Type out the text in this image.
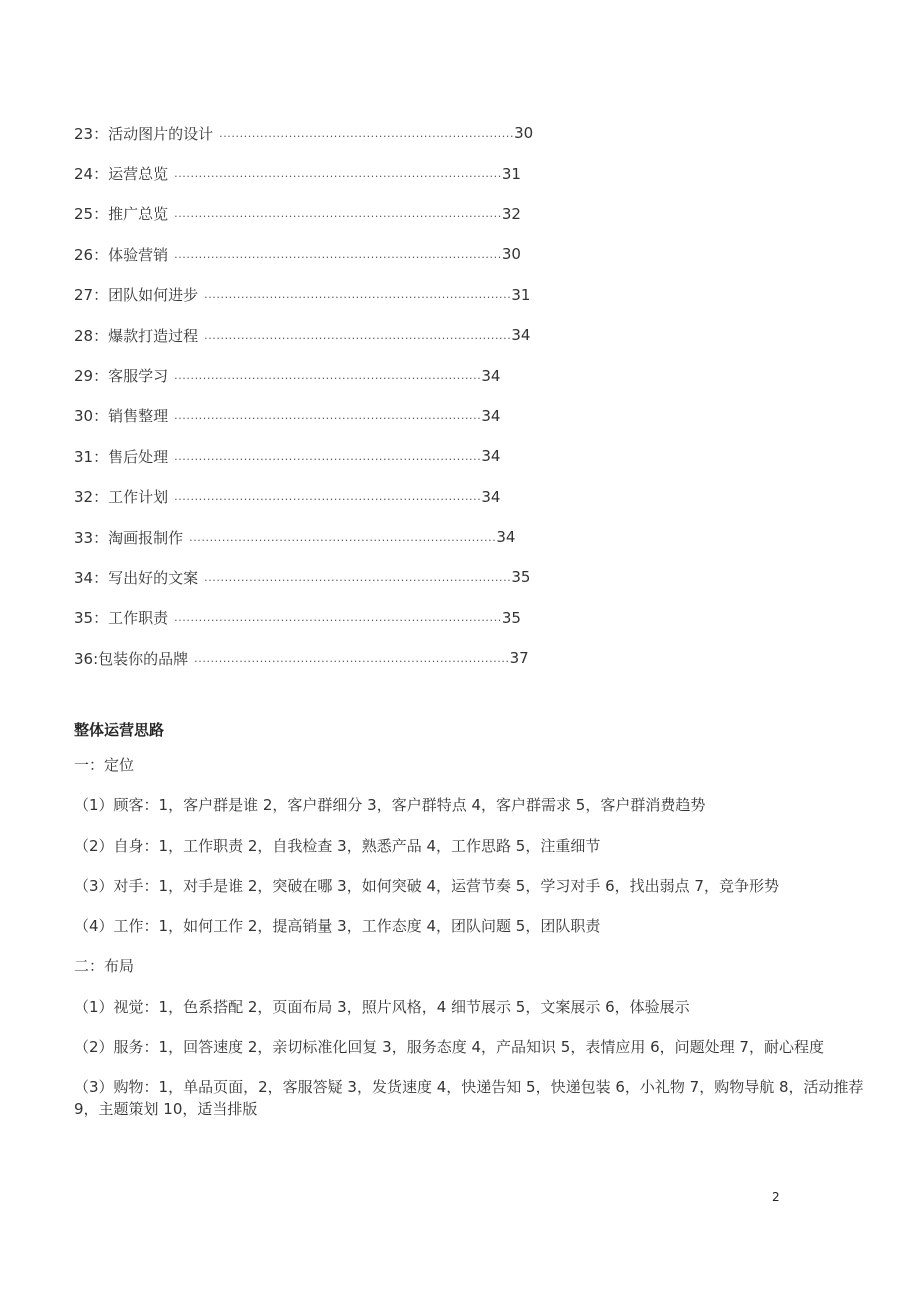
23：活动图片的设计 ........................................................................ 30
24：运营总览 ................................................................................ 31
25：推广总览 ................................................................................ 32
26：体验营销 ................................................................................ 30
27：团队如何进步 ........................................................................... 31
28：爆款打造过程 ........................................................................... 34
29：客服学习 ........................................................................... 34
30：销售整理 ........................................................................... 34
31：售后处理 ........................................................................... 34
32：工作计划 ........................................................................... 34
33：淘画报制作 ........................................................................... 34
34：写出好的文案 ........................................................................... 35
35：工作职责 ................................................................................ 35
36:包装你的品牌 ............................................................................. 37
整体运营思路
一：定位
（1）顾客：1，客户群是谁 2，客户群细分 3，客户群特点 4，客户群需求 5，客户群消费趋势
（2）自身：1，工作职责 2，自我检查 3，熟悉产品 4，工作思路 5，注重细节
（3）对手：1，对手是谁 2，突破在哪 3，如何突破 4，运营节奏 5，学习对手 6，找出弱点 7，竞争形势
（4）工作：1，如何工作 2，提高销量 3，工作态度 4，团队问题 5，团队职责
二：布局
（1）视觉：1，色系搭配 2，页面布局 3，照片风格，4 细节展示 5，文案展示 6，体验展示
（2）服务：1，回答速度 2，亲切标准化回复 3，服务态度 4，产品知识 5，表情应用 6，问题处理 7，耐心程度
（3）购物：1，单品页面，2，客服答疑 3，发货速度 4，快递告知 5，快递包装 6，小礼物 7，购物导航 8，活动推荐 9，主题策划 10，适当排版
2
